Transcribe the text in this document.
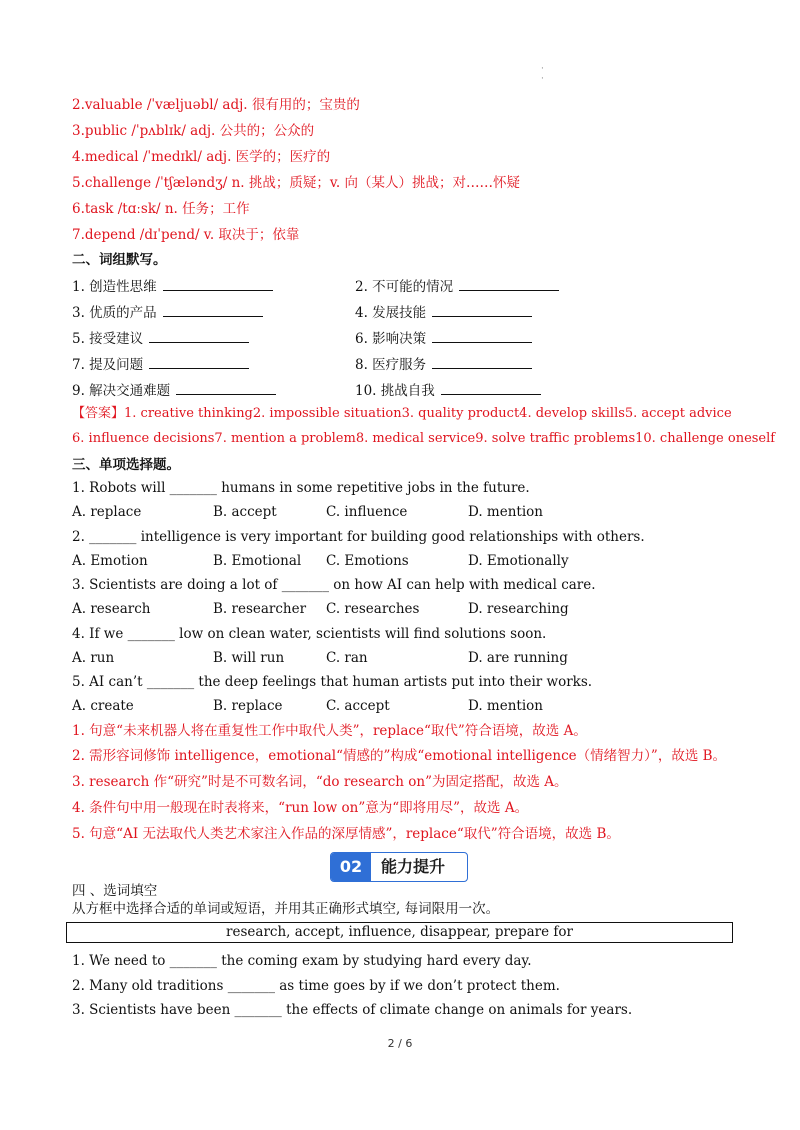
·
·
2.valuable /ˈvæljuəbl/ adj. 很有用的；宝贵的
3.public /ˈpʌblɪk/ adj. 公共的；公众的
4.medical /ˈmedɪkl/ adj. 医学的；医疗的
5.challenge /ˈtʃæləndʒ/ n. 挑战；质疑；v. 向（某人）挑战；对……怀疑
6.task /tɑːsk/ n. 任务；工作
7.depend /dɪˈpend/ v. 取决于；依靠
二、词组默写。
1. 创造性思维	2. 不可能的情况
3. 优质的产品	4. 发展技能
5. 接受建议	6. 影响决策
7. 提及问题	8. 医疗服务
9. 解决交通难题	10. 挑战自我
【答案】1. creative thinking2. impossible situation3. quality product4. develop skills5. accept advice
6. influence decisions7. mention a problem8. medical service9. solve traffic problems10. challenge oneself
三、单项选择题。
1. Robots will _______ humans in some repetitive jobs in the future.
A. replace	B. accept	C. influence	D. mention
2. _______ intelligence is very important for building good relationships with others.
A. Emotion	B. Emotional C. Emotions	D. Emotionally
3. Scientists are doing a lot of _______ on how AI can help with medical care.
A. research	B. researcher C. researches	D. researching
4. If we _______ low on clean water, scientists will find solutions soon.
A. run	B. will run	C. ran	D. are running
5. AI can’t _______ the deep feelings that human artists put into their works.
A. create	B. replace	C. accept	D. mention
1. 句意“未来机器人将在重复性工作中取代人类”，replace“取代”符合语境，故选 A。
2. 需形容词修饰 intelligence，emotional“情感的”构成“emotional intelligence（情绪智力）”，故选 B。
3. research 作“研究”时是不可数名词，“do research on”为固定搭配，故选 A。
4. 条件句中用一般现在时表将来，“run low on”意为“即将用尽”，故选 A。
5. 句意“AI 无法取代人类艺术家注入作品的深厚情感”，replace“取代”符合语境，故选 B。
02	能力提升
四 、选词填空
从方框中选择合适的单词或短语，并用其正确形式填空, 每词限用一次。
research, accept, influence, disappear, prepare for
1. We need to _______ the coming exam by studying hard every day.
2. Many old traditions _______ as time goes by if we don’t protect them.
3. Scientists have been _______ the effects of climate change on animals for years.
2 / 6
